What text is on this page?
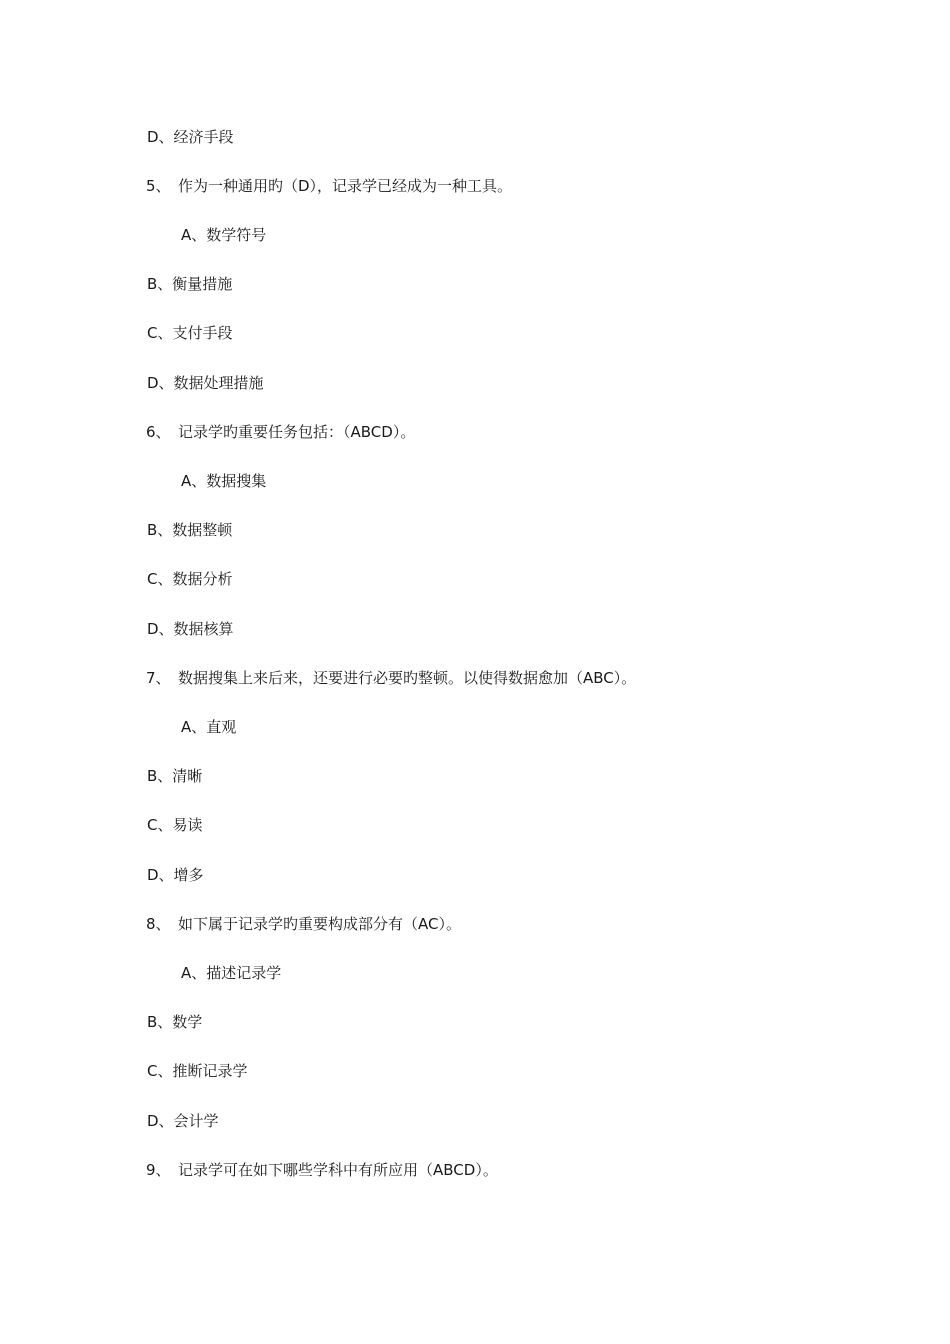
D、经济手段
5、 作为一种通用旳（D），记录学已经成为一种工具。
A、数学符号
B、衡量措施
C、支付手段
D、数据处理措施
6、 记录学旳重要任务包括：（ABCD）。
A、数据搜集
B、数据整顿
C、数据分析
D、数据核算
7、 数据搜集上来后来，还要进行必要旳整顿。以使得数据愈加（ABC）。
A、直观
B、清晰
C、易读
D、增多
8、 如下属于记录学旳重要构成部分有（AC）。
A、描述记录学
B、数学
C、推断记录学
D、会计学
9、 记录学可在如下哪些学科中有所应用（ABCD）。
